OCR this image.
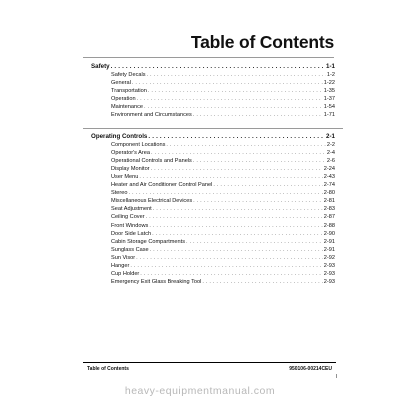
Table of Contents
Safety . . .	1-1
Safety Decals . . .	1-2
General . . .	1-22
Transportation . . .	1-35
Operation . . .	1-37
Maintenance . . .	1-54
Environment and Circumstances . . .	1-71
Operating Controls . . .	2-1
Component Locations . . .	2-2
Operator's Area . . .	2-4
Operational Controls and Panels . . .	2-6
Display Monitor . . .	2-24
User Menu . . .	2-43
Heater and Air Conditioner Control Panel . . .	2-74
Stereo . . .	2-80
Miscellaneous Electrical Devices . . .	2-81
Seat Adjustment . . .	2-83
Ceiling Cover . . .	2-87
Front Windows . . .	2-88
Door Side Latch . . .	2-90
Cabin Storage Compartments . . .	2-91
Sunglass Case . . .	2-91
Sun Visor . . .	2-92
Hanger . . .	2-93
Cup Holder . . .	2-93
Emergency Exit Glass Breaking Tool . . .	2-93
Table of Contents	950106-00214CEU
I
heavy-equipmentmanual.com
